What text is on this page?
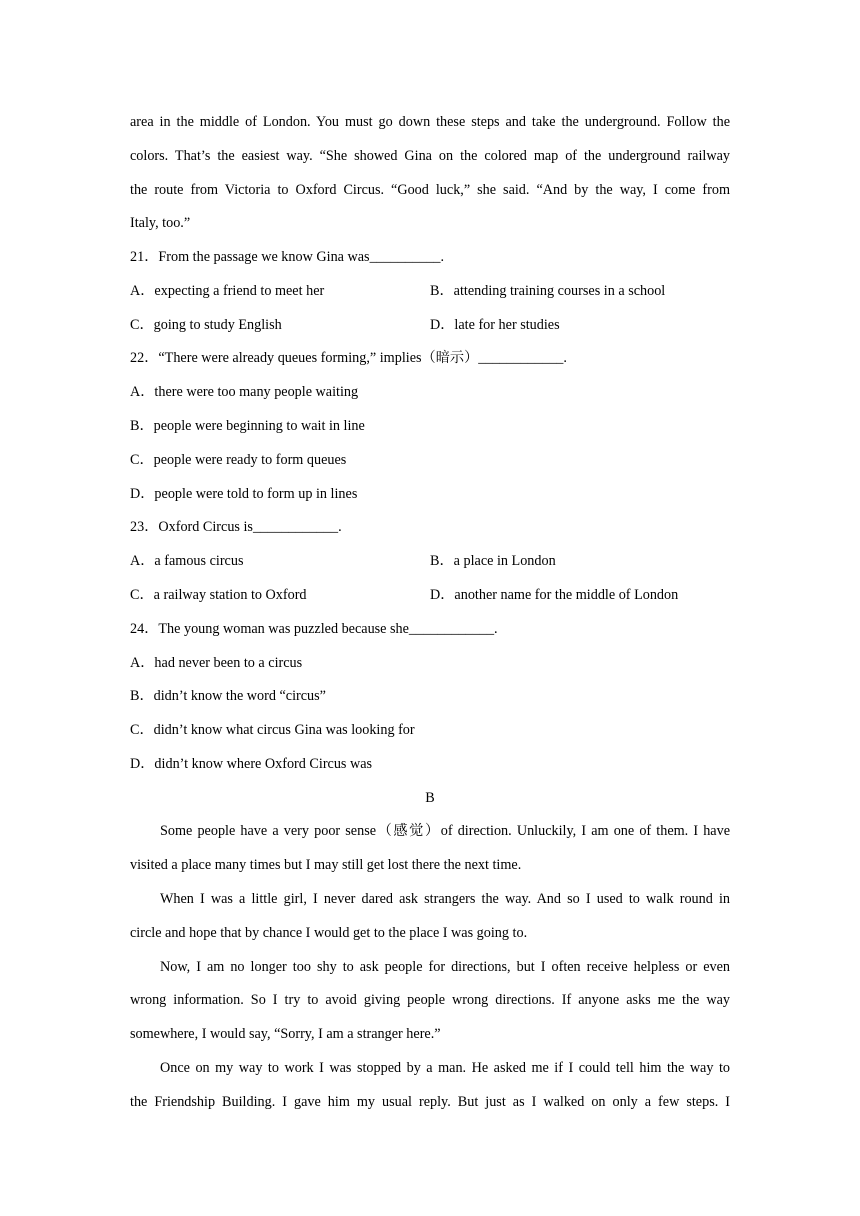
area in the middle of London. You must go down these steps and take the underground. Follow the
colors. That’s the easiest way. “She showed Gina on the colored map of the underground railway
the route from Victoria to Oxford Circus. “Good luck,” she said. “And by the way, I come from
Italy, too.”
21．From the passage we know Gina was__________.
A．expecting a friend to meet her	B．attending training courses in a school
C．going to study English	D．late for her studies
22．“There were already queues forming,” implies（暗示）____________.
A．there were too many people waiting
B．people were beginning to wait in line
C．people were ready to form queues
D．people were told to form up in lines
23．Oxford Circus is____________.
A．a famous circus	B．a place in London
C．a railway station to Oxford	D．another name for the middle of London
24．The young woman was puzzled because she____________.
A．had never been to a circus
B．didn’t know the word “circus”
C．didn’t know what circus Gina was looking for
D．didn’t know where Oxford Circus was
B
Some people have a very poor sense（感觉）of direction. Unluckily, I am one of them. I have
visited a place many times but I may still get lost there the next time.
When I was a little girl, I never dared ask strangers the way. And so I used to walk round in
circle and hope that by chance I would get to the place I was going to.
Now, I am no longer too shy to ask people for directions, but I often receive helpless or even
wrong information. So I try to avoid giving people wrong directions. If anyone asks me the way
somewhere, I would say, “Sorry, I am a stranger here.”
Once on my way to work I was stopped by a man. He asked me if I could tell him the way to
the Friendship Building. I gave him my usual reply. But just as I walked on only a few steps. I
